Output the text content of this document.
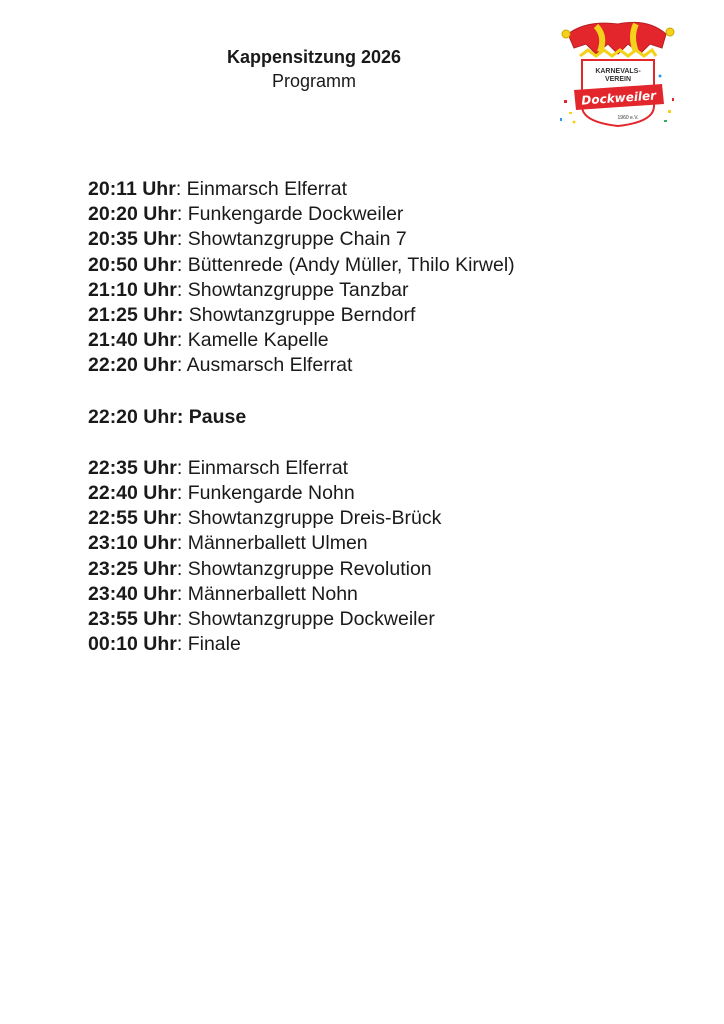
Kappensitzung 2026
Programm	KARNEVALS-
VEREIN
Dockweiler
1960 e.V.
20:11 Uhr: Einmarsch Elferrat
20:20 Uhr: Funkengarde Dockweiler
20:35 Uhr: Showtanzgruppe Chain 7
20:50 Uhr: Büttenrede (Andy Müller, Thilo Kirwel)
21:10 Uhr: Showtanzgruppe Tanzbar
21:25 Uhr: Showtanzgruppe Berndorf
21:40 Uhr: Kamelle Kapelle
22:20 Uhr: Ausmarsch Elferrat
22:20 Uhr: Pause
22:35 Uhr: Einmarsch Elferrat
22:40 Uhr: Funkengarde Nohn
22:55 Uhr: Showtanzgruppe Dreis-Brück
23:10 Uhr: Männerballett Ulmen
23:25 Uhr: Showtanzgruppe Revolution
23:40 Uhr: Männerballett Nohn
23:55 Uhr: Showtanzgruppe Dockweiler
00:10 Uhr: Finale
